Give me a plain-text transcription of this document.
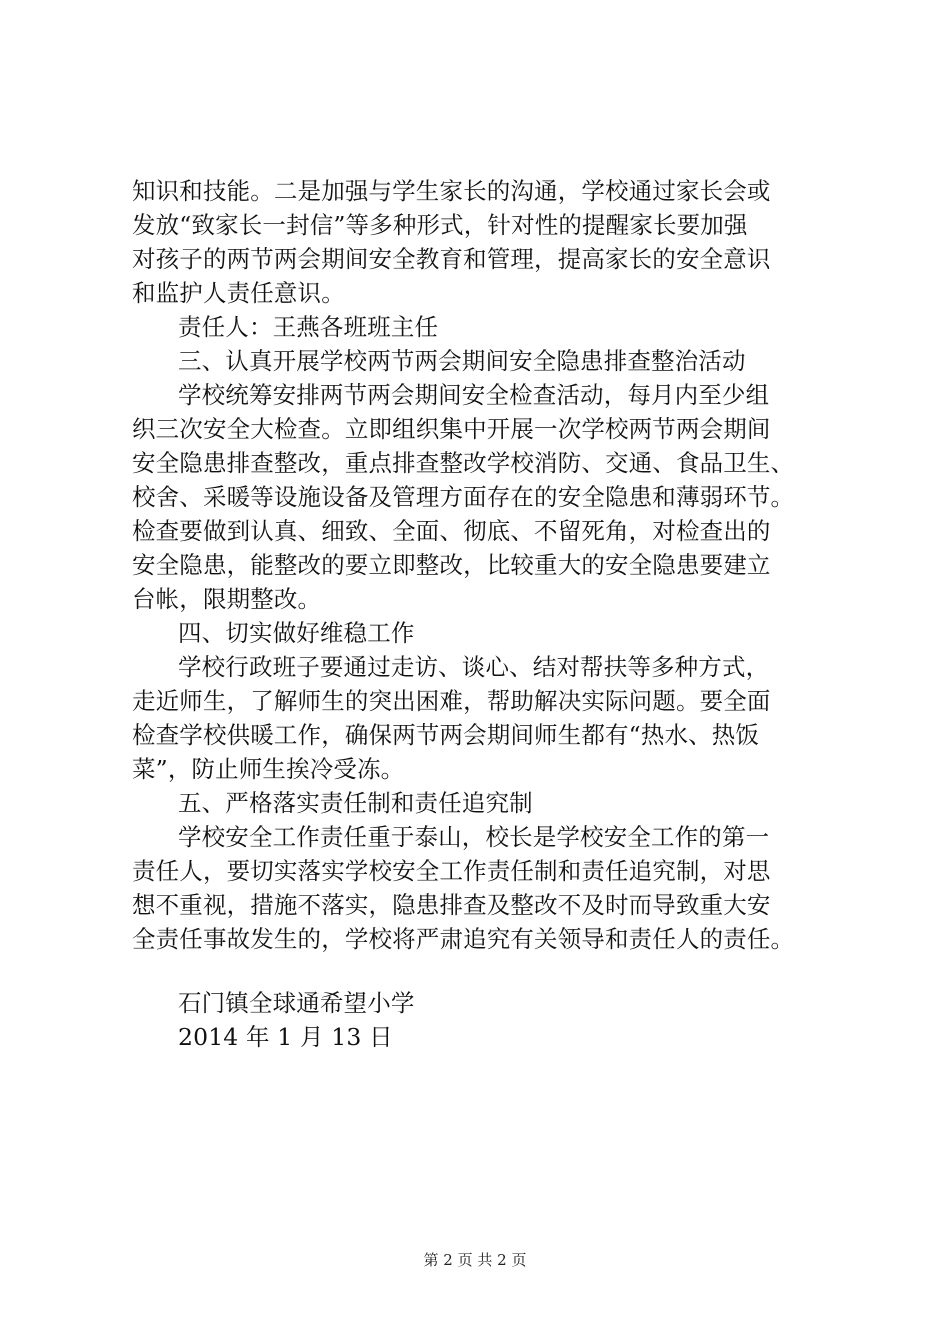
知识和技能。二是加强与学生家长的沟通，学校通过家长会或
发放“致家长一封信”等多种形式，针对性的提醒家长要加强
对孩子的两节两会期间安全教育和管理，提高家长的安全意识
和监护人责任意识。
责任人：王燕各班班主任
三、认真开展学校两节两会期间安全隐患排查整治活动
学校统筹安排两节两会期间安全检查活动，每月内至少组
织三次安全大检查。立即组织集中开展一次学校两节两会期间
安全隐患排查整改，重点排查整改学校消防、交通、食品卫生、
校舍、采暖等设施设备及管理方面存在的安全隐患和薄弱环节。
检查要做到认真、细致、全面、彻底、不留死角，对检查出的
安全隐患，能整改的要立即整改，比较重大的安全隐患要建立
台帐，限期整改。
四、切实做好维稳工作
学校行政班子要通过走访、谈心、结对帮扶等多种方式，
走近师生，了解师生的突出困难，帮助解决实际问题。要全面
检查学校供暖工作，确保两节两会期间师生都有“热水、热饭
菜”，防止师生挨冷受冻。
五、严格落实责任制和责任追究制
学校安全工作责任重于泰山，校长是学校安全工作的第一
责任人，要切实落实学校安全工作责任制和责任追究制，对思
想不重视，措施不落实，隐患排查及整改不及时而导致重大安
全责任事故发生的，学校将严肃追究有关领导和责任人的责任。
石门镇全球通希望小学
2014 年 1 月 13 日
第 2 页 共 2 页
